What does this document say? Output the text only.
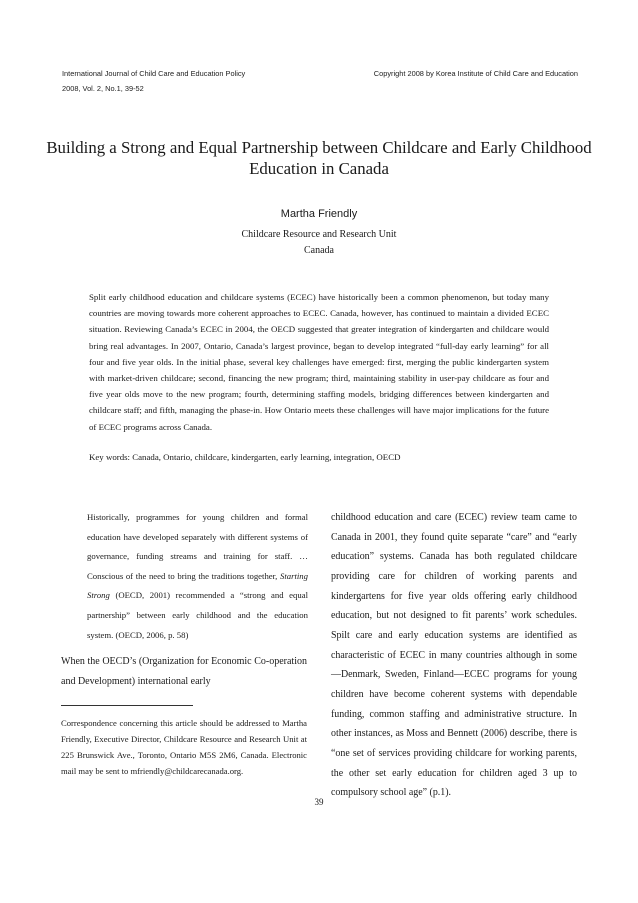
International Journal of Child Care and Education Policy	Copyright 2008 by Korea Institute of Child Care and Education
2008, Vol. 2, No.1, 39-52
Building a Strong and Equal Partnership between Childcare and Early Childhood Education in Canada
Martha Friendly
Childcare Resource and Research Unit
Canada
Split early childhood education and childcare systems (ECEC) have historically been a common phenomenon, but today many countries are moving towards more coherent approaches to ECEC. Canada, however, has continued to maintain a divided ECEC situation. Reviewing Canada’s ECEC in 2004, the OECD suggested that greater integration of kindergarten and childcare would bring real advantages. In 2007, Ontario, Canada’s largest province, began to develop integrated “full-day early learning” for all four and five year olds. In the initial phase, several key challenges have emerged: first, merging the public kindergarten system with market-driven childcare; second, financing the new program; third, maintaining stability in user-pay childcare as four and five year olds move to the new program; fourth, determining staffing models, bridging differences between kindergarten and childcare staff; and fifth, managing the phase-in. How Ontario meets these challenges will have major implications for the future of ECEC programs across Canada.
Key words: Canada, Ontario, childcare, kindergarten, early learning, integration, OECD
Historically, programmes for young children and formal education have developed separately with different systems of governance, funding streams and training for staff. …Conscious of the need to bring the traditions together, Starting Strong (OECD, 2001) recommended a “strong and equal partnership” between early childhood and the education system. (OECD, 2006, p. 58)
When the OECD’s (Organization for Economic Co-operation and Development) international early
Correspondence concerning this article should be addressed to Martha Friendly, Executive Director, Childcare Resource and Research Unit at 225 Brunswick Ave., Toronto, Ontario M5S 2M6, Canada. Electronic mail may be sent to mfriendly@childcarecanada.org.
childhood education and care (ECEC) review team came to Canada in 2001, they found quite separate “care” and “early education” systems. Canada has both regulated childcare providing care for children of working parents and kindergartens for five year olds offering early childhood education, but not designed to fit parents’ work schedules. Spilt care and early education systems are identified as characteristic of ECEC in many countries although in some—Denmark, Sweden, Finland—ECEC programs for young children have become coherent systems with dependable funding, common staffing and administrative structure. In other instances, as Moss and Bennett (2006) describe, there is “one set of services providing childcare for working parents, the other set early education for children aged 3 up to compulsory school age” (p.1).
39
